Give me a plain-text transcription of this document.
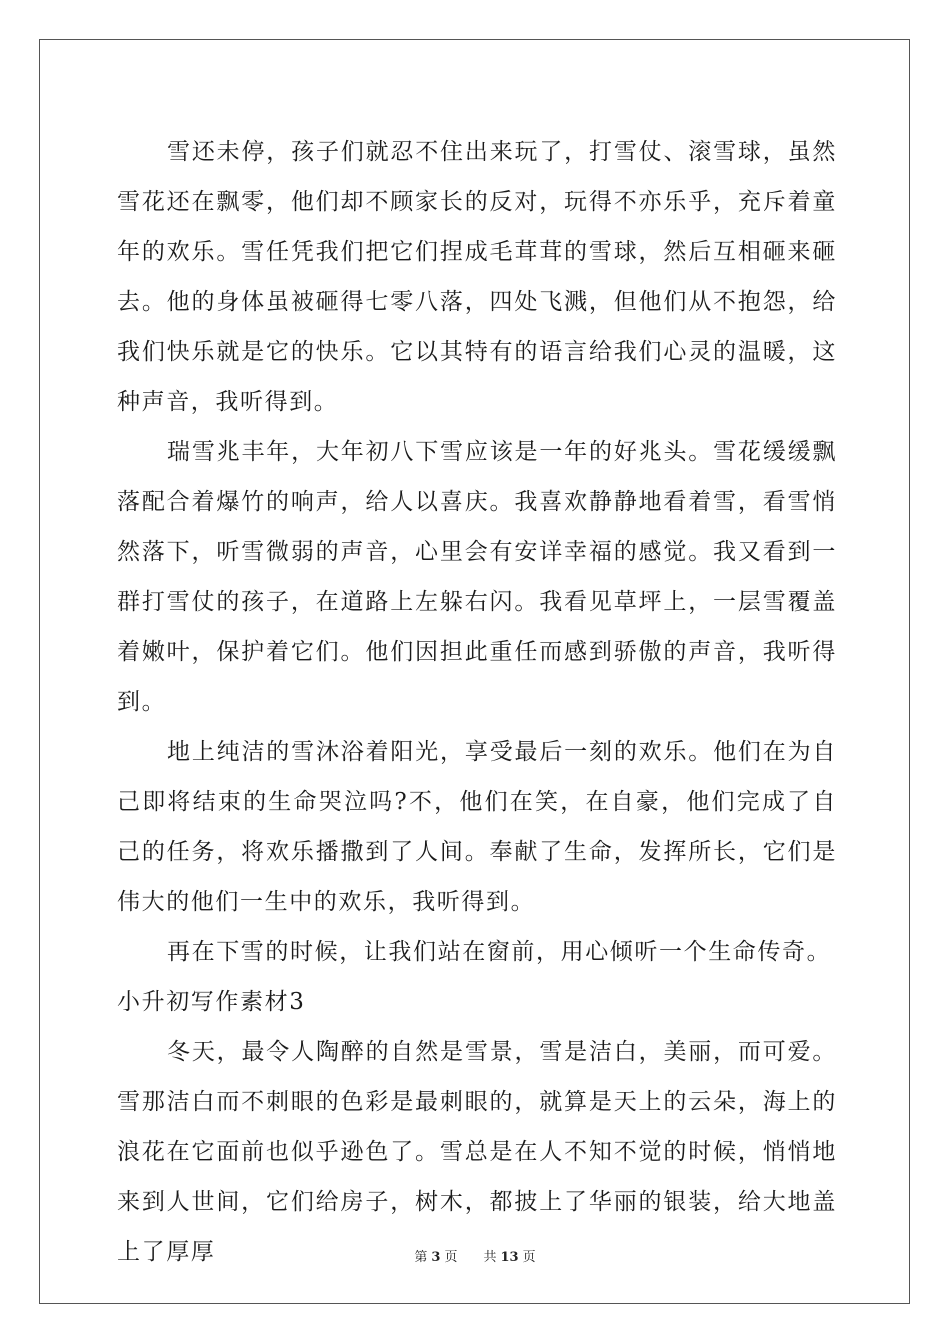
雪还未停，孩子们就忍不住出来玩了，打雪仗、滚雪球，虽然雪花还在飘零，他们却不顾家长的反对，玩得不亦乐乎，充斥着童年的欢乐。雪任凭我们把它们捏成毛茸茸的雪球，然后互相砸来砸去。他的身体虽被砸得七零八落，四处飞溅，但他们从不抱怨，给我们快乐就是它的快乐。它以其特有的语言给我们心灵的温暖，这种声音，我听得到。

瑞雪兆丰年，大年初八下雪应该是一年的好兆头。雪花缓缓飘落配合着爆竹的响声，给人以喜庆。我喜欢静静地看着雪，看雪悄然落下，听雪微弱的声音，心里会有安详幸福的感觉。我又看到一群打雪仗的孩子，在道路上左躲右闪。我看见草坪上，一层雪覆盖着嫩叶，保护着它们。他们因担此重任而感到骄傲的声音，我听得到。

地上纯洁的雪沐浴着阳光，享受最后一刻的欢乐。他们在为自己即将结束的生命哭泣吗?不，他们在笑，在自豪，他们完成了自己的任务，将欢乐播撒到了人间。奉献了生命，发挥所长，它们是伟大的他们一生中的欢乐，我听得到。

再在下雪的时候，让我们站在窗前，用心倾听一个生命传奇。

小升初写作素材3

冬天，最令人陶醉的自然是雪景，雪是洁白，美丽，而可爱。雪那洁白而不刺眼的色彩是最刺眼的，就算是天上的云朵，海上的浪花在它面前也似乎逊色了。雪总是在人不知不觉的时候，悄悄地来到人世间，它们给房子，树木，都披上了华丽的银装，给大地盖上了厚厚	第 3 页 共 13 页
